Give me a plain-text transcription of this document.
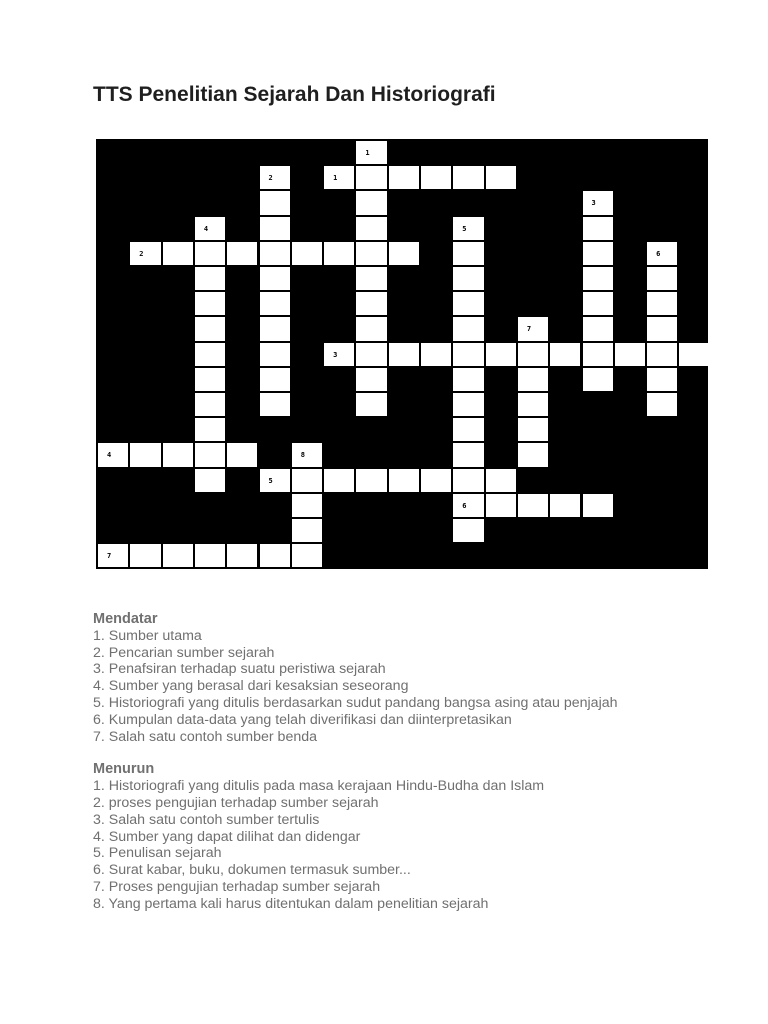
TTS Penelitian Sejarah Dan Historiografi
1
2	1
3
4	5
2	6
7
3
4	8
5
6
7

Mendatar

1. Sumber utama
2. Pencarian sumber sejarah
3. Penafsiran terhadap suatu peristiwa sejarah
4. Sumber yang berasal dari kesaksian seseorang
5. Historiografi yang ditulis berdasarkan sudut pandang bangsa asing atau penjajah
6. Kumpulan data-data yang telah diverifikasi dan diinterpretasikan
7. Salah satu contoh sumber benda

Menurun

1. Historiografi yang ditulis pada masa kerajaan Hindu-Budha dan Islam
2. proses pengujian terhadap sumber sejarah
3. Salah satu contoh sumber tertulis
4. Sumber yang dapat dilihat dan didengar
5. Penulisan sejarah
6. Surat kabar, buku, dokumen termasuk sumber...
7. Proses pengujian terhadap sumber sejarah
8. Yang pertama kali harus ditentukan dalam penelitian sejarah
